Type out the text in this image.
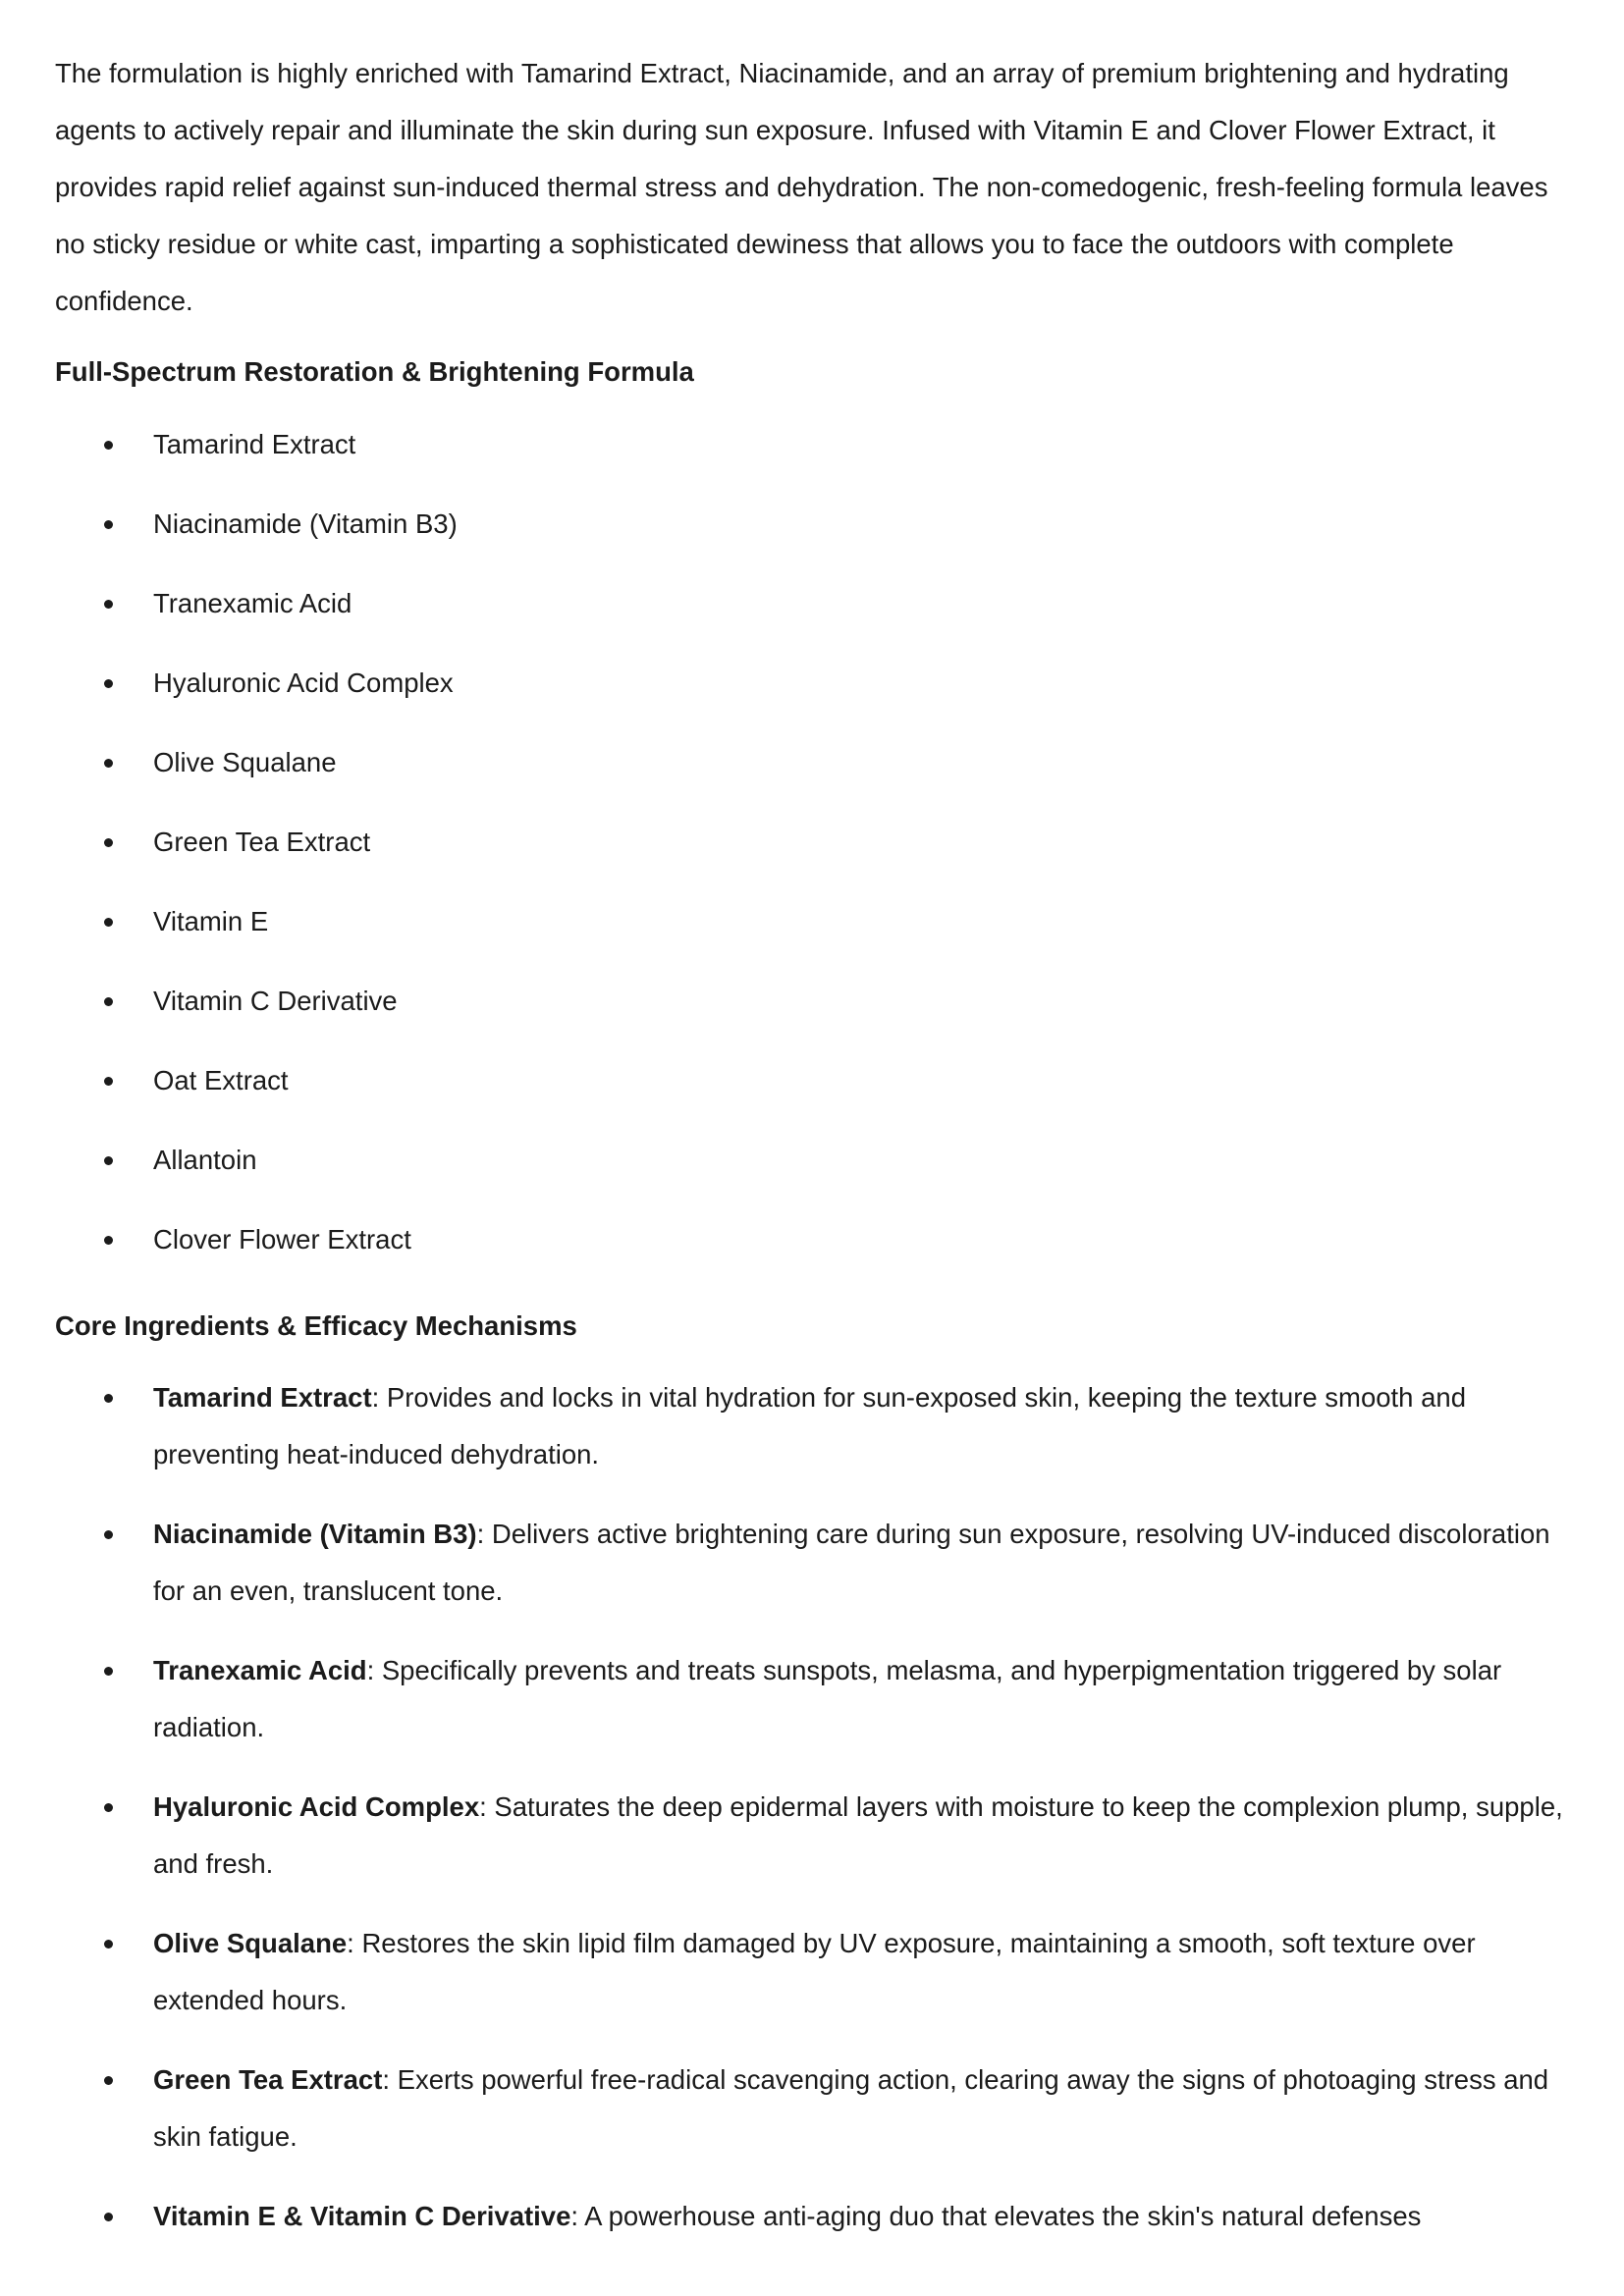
The formulation is highly enriched with Tamarind Extract, Niacinamide, and an array of premium brightening and hydrating agents to actively repair and illuminate the skin during sun exposure. Infused with Vitamin E and Clover Flower Extract, it provides rapid relief against sun-induced thermal stress and dehydration. The non-comedogenic, fresh-feeling formula leaves no sticky residue or white cast, imparting a sophisticated dewiness that allows you to face the outdoors with complete confidence.

Full-Spectrum Restoration & Brightening Formula
Tamarind Extract
Niacinamide (Vitamin B3)
Tranexamic Acid
Hyaluronic Acid Complex
Olive Squalane
Green Tea Extract
Vitamin E
Vitamin C Derivative
Oat Extract
Allantoin
Clover Flower Extract
Core Ingredients & Efficacy Mechanisms
Tamarind Extract: Provides and locks in vital hydration for sun-exposed skin, keeping the texture smooth and preventing heat-induced dehydration.
Niacinamide (Vitamin B3): Delivers active brightening care during sun exposure, resolving UV-induced discoloration for an even, translucent tone.
Tranexamic Acid: Specifically prevents and treats sunspots, melasma, and hyperpigmentation triggered by solar radiation.
Hyaluronic Acid Complex: Saturates the deep epidermal layers with moisture to keep the complexion plump, supple, and fresh.
Olive Squalane: Restores the skin lipid film damaged by UV exposure, maintaining a smooth, soft texture over extended hours.
Green Tea Extract: Exerts powerful free-radical scavenging action, clearing away the signs of photoaging stress and skin fatigue.
Vitamin E & Vitamin C Derivative: A powerhouse anti-aging duo that elevates the skin's natural defenses
